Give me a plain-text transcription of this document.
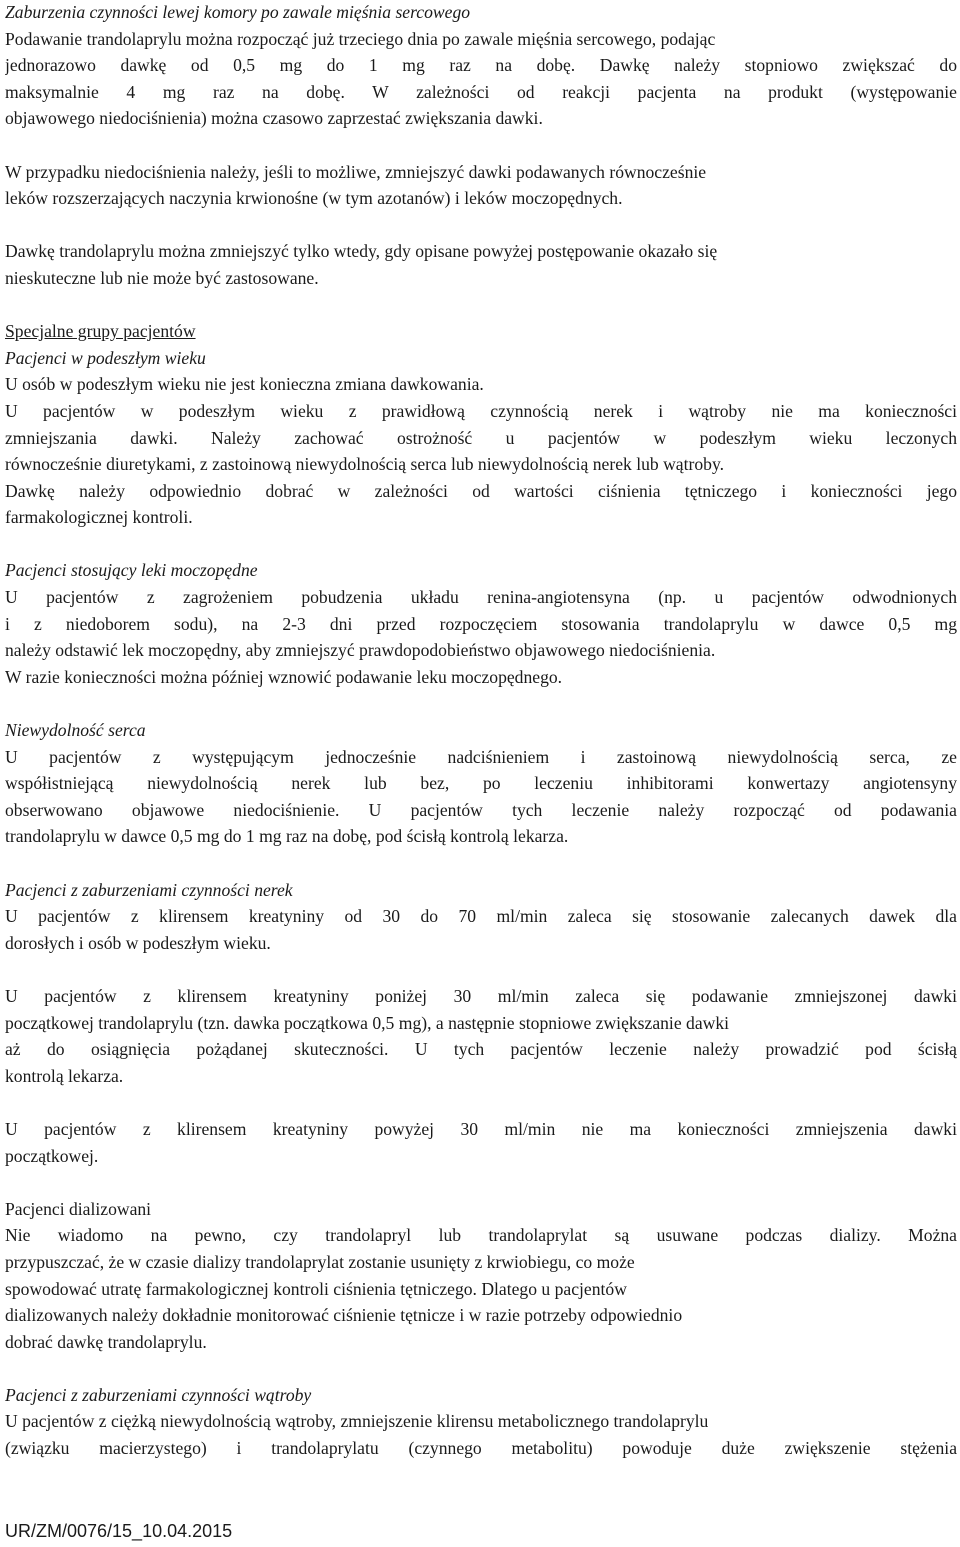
Zaburzenia czynności lewej komory po zawale mięśnia sercowego
Podawanie trandolaprylu można rozpocząć już trzeciego dnia po zawale mięśnia sercowego, podając
jednorazowo dawkę od 0,5 mg do 1 mg raz na dobę. Dawkę należy stopniowo zwiększać do
maksymalnie 4 mg raz na dobę. W zależności od reakcji pacjenta na produkt (występowanie
objawowego niedociśnienia) można czasowo zaprzestać zwiększania dawki.
W przypadku niedociśnienia należy, jeśli to możliwe, zmniejszyć dawki podawanych równocześnie
leków rozszerzających naczynia krwionośne (w tym azotanów) i leków moczopędnych.
Dawkę trandolaprylu można zmniejszyć tylko wtedy, gdy opisane powyżej postępowanie okazało się
nieskuteczne lub nie może być zastosowane.
Specjalne grupy pacjentów
Pacjenci w podeszłym wieku
U osób w podeszłym wieku nie jest konieczna zmiana dawkowania.
U pacjentów w podeszłym wieku z prawidłową czynnością nerek i wątroby nie ma konieczności
zmniejszania dawki. Należy zachować ostrożność u pacjentów w podeszłym wieku leczonych
równocześnie diuretykami, z zastoinową niewydolnością serca lub niewydolnością nerek lub wątroby.
Dawkę należy odpowiednio dobrać w zależności od wartości ciśnienia tętniczego i konieczności jego
farmakologicznej kontroli.
Pacjenci stosujący leki moczopędne
U pacjentów z zagrożeniem pobudzenia układu renina-angiotensyna (np. u pacjentów odwodnionych
i z niedoborem sodu), na 2-3 dni przed rozpoczęciem stosowania trandolaprylu w dawce 0,5 mg
należy odstawić lek moczopędny, aby zmniejszyć prawdopodobieństwo objawowego niedociśnienia.
W razie konieczności można później wznowić podawanie leku moczopędnego.
Niewydolność serca
U pacjentów z występującym jednocześnie nadciśnieniem i zastoinową niewydolnością serca, ze
współistniejącą niewydolnością nerek lub bez, po leczeniu inhibitorami konwertazy angiotensyny
obserwowano objawowe niedociśnienie. U pacjentów tych leczenie należy rozpocząć od podawania
trandolaprylu w dawce 0,5 mg do 1 mg raz na dobę, pod ścisłą kontrolą lekarza.
Pacjenci z zaburzeniami czynności nerek
U pacjentów z klirensem kreatyniny od 30 do 70 ml/min zaleca się stosowanie zalecanych dawek dla
dorosłych i osób w podeszłym wieku.
U pacjentów z klirensem kreatyniny poniżej 30 ml/min zaleca się podawanie zmniejszonej dawki
początkowej trandolaprylu (tzn. dawka początkowa 0,5 mg), a następnie stopniowe zwiększanie dawki
aż do osiągnięcia pożądanej skuteczności. U tych pacjentów leczenie należy prowadzić pod ścisłą
kontrolą lekarza.
U pacjentów z klirensem kreatyniny powyżej 30 ml/min nie ma konieczności zmniejszenia dawki
początkowej.
Pacjenci dializowani
Nie wiadomo na pewno, czy trandolapryl lub trandolaprylat są usuwane podczas dializy. Można
przypuszczać, że w czasie dializy trandolaprylat zostanie usunięty z krwiobiegu, co może
spowodować utratę farmakologicznej kontroli ciśnienia tętniczego. Dlatego u pacjentów
dializowanych należy dokładnie monitorować ciśnienie tętnicze i w razie potrzeby odpowiednio
dobrać dawkę trandolaprylu.
Pacjenci z zaburzeniami czynności wątroby
U pacjentów z ciężką niewydolnością wątroby, zmniejszenie klirensu metabolicznego trandolaprylu
(związku macierzystego) i trandolaprylatu (czynnego metabolitu) powoduje duże zwiększenie stężenia
UR/ZM/0076/15_10.04.2015
